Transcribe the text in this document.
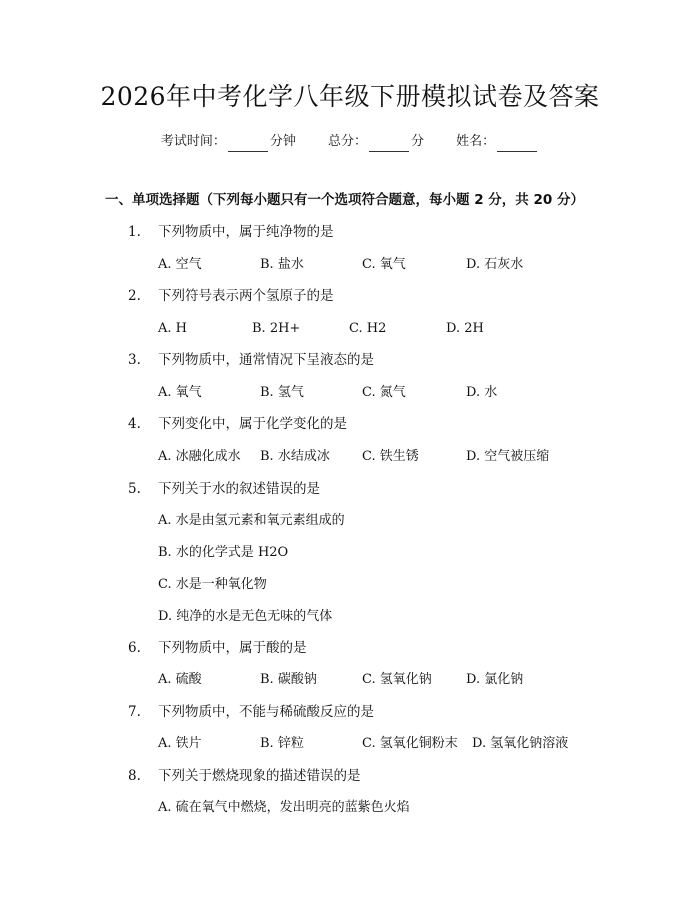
2026年中考化学八年级下册模拟试卷及答案
考试时间：	分钟 总分：	分 姓名：
一、单项选择题（下列每小题只有一个选项符合题意，每小题 2 分，共 20 分）
1. 下列物质中，属于纯净物的是
A. 空气	B. 盐水	C. 氧气	D. 石灰水
2. 下列符号表示两个氢原子的是
A. H	B. 2H+	C. H2	D. 2H
3. 下列物质中，通常情况下呈液态的是
A. 氧气	B. 氢气	C. 氮气	D. 水
4. 下列变化中，属于化学变化的是
A. 冰融化成水 B. 水结成冰 C. 铁生锈	D. 空气被压缩
5. 下列关于水的叙述错误的是
A. 水是由氢元素和氧元素组成的
B. 水的化学式是 H2O
C. 水是一种氧化物
D. 纯净的水是无色无味的气体
6. 下列物质中，属于酸的是
A. 硫酸	B. 碳酸钠	C. 氢氧化钠	D. 氯化钠
7. 下列物质中，不能与稀硫酸反应的是
A. 铁片	B. 锌粒	C. 氢氧化铜粉末 D. 氢氧化钠溶液
8. 下列关于燃烧现象的描述错误的是
A. 硫在氧气中燃烧，发出明亮的蓝紫色火焰
